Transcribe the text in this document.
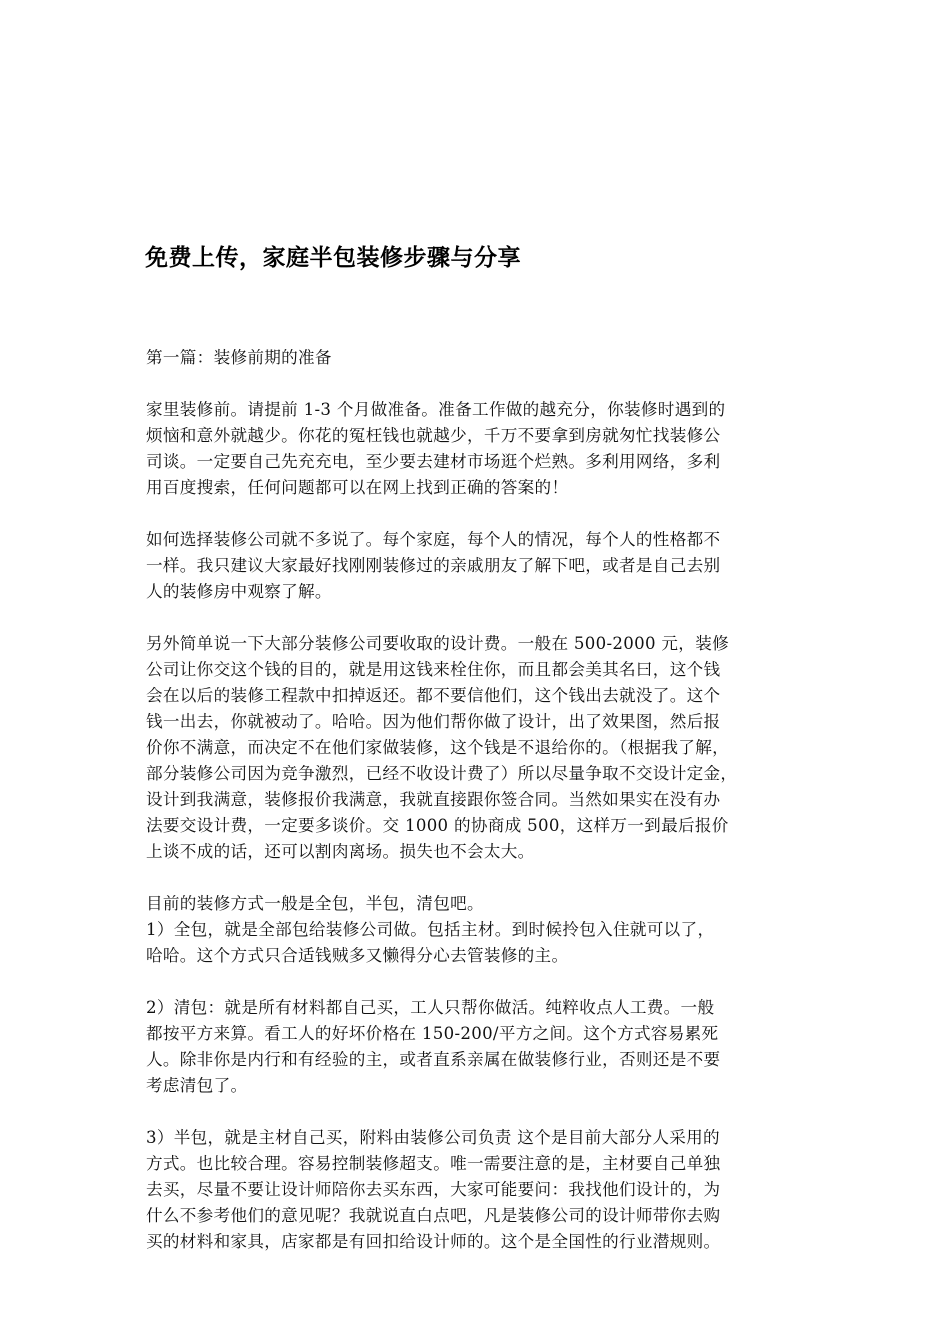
免费上传，家庭半包装修步骤与分享

第一篇：装修前期的准备

家里装修前。请提前 1-3 个月做准备。准备工作做的越充分，你装修时遇到的
烦恼和意外就越少。你花的冤枉钱也就越少，千万不要拿到房就匆忙找装修公
司谈。一定要自己先充充电，至少要去建材市场逛个烂熟。多利用网络，多利
用百度搜索，任何问题都可以在网上找到正确的答案的！

如何选择装修公司就不多说了。每个家庭，每个人的情况，每个人的性格都不
一样。我只建议大家最好找刚刚装修过的亲戚朋友了解下吧，或者是自己去别
人的装修房中观察了解。

另外简单说一下大部分装修公司要收取的设计费。一般在 500-2000 元，装修
公司让你交这个钱的目的，就是用这钱来栓住你，而且都会美其名曰，这个钱
会在以后的装修工程款中扣掉返还。都不要信他们，这个钱出去就没了。这个
钱一出去，你就被动了。哈哈。因为他们帮你做了设计，出了效果图，然后报
价你不满意，而决定不在他们家做装修，这个钱是不退给你的。（根据我了解，
部分装修公司因为竞争激烈，已经不收设计费了）所以尽量争取不交设计定金，
设计到我满意，装修报价我满意，我就直接跟你签合同。当然如果实在没有办
法要交设计费，一定要多谈价。交 1000 的协商成 500，这样万一到最后报价
上谈不成的话，还可以割肉离场。损失也不会太大。

目前的装修方式一般是全包，半包，清包吧。
1）全包，就是全部包给装修公司做。包括主材。到时候拎包入住就可以了，
哈哈。这个方式只合适钱贼多又懒得分心去管装修的主。

2）清包：就是所有材料都自己买，工人只帮你做活。纯粹收点人工费。一般
都按平方来算。看工人的好坏价格在 150-200/平方之间。这个方式容易累死
人。除非你是内行和有经验的主，或者直系亲属在做装修行业，否则还是不要
考虑清包了。

3）半包，就是主材自己买，附料由装修公司负责 这个是目前大部分人采用的
方式。也比较合理。容易控制装修超支。唯一需要注意的是，主材要自己单独
去买，尽量不要让设计师陪你去买东西，大家可能要问：我找他们设计的，为
什么不参考他们的意见呢？我就说直白点吧，凡是装修公司的设计师带你去购
买的材料和家具，店家都是有回扣给设计师的。这个是全国性的行业潜规则。
